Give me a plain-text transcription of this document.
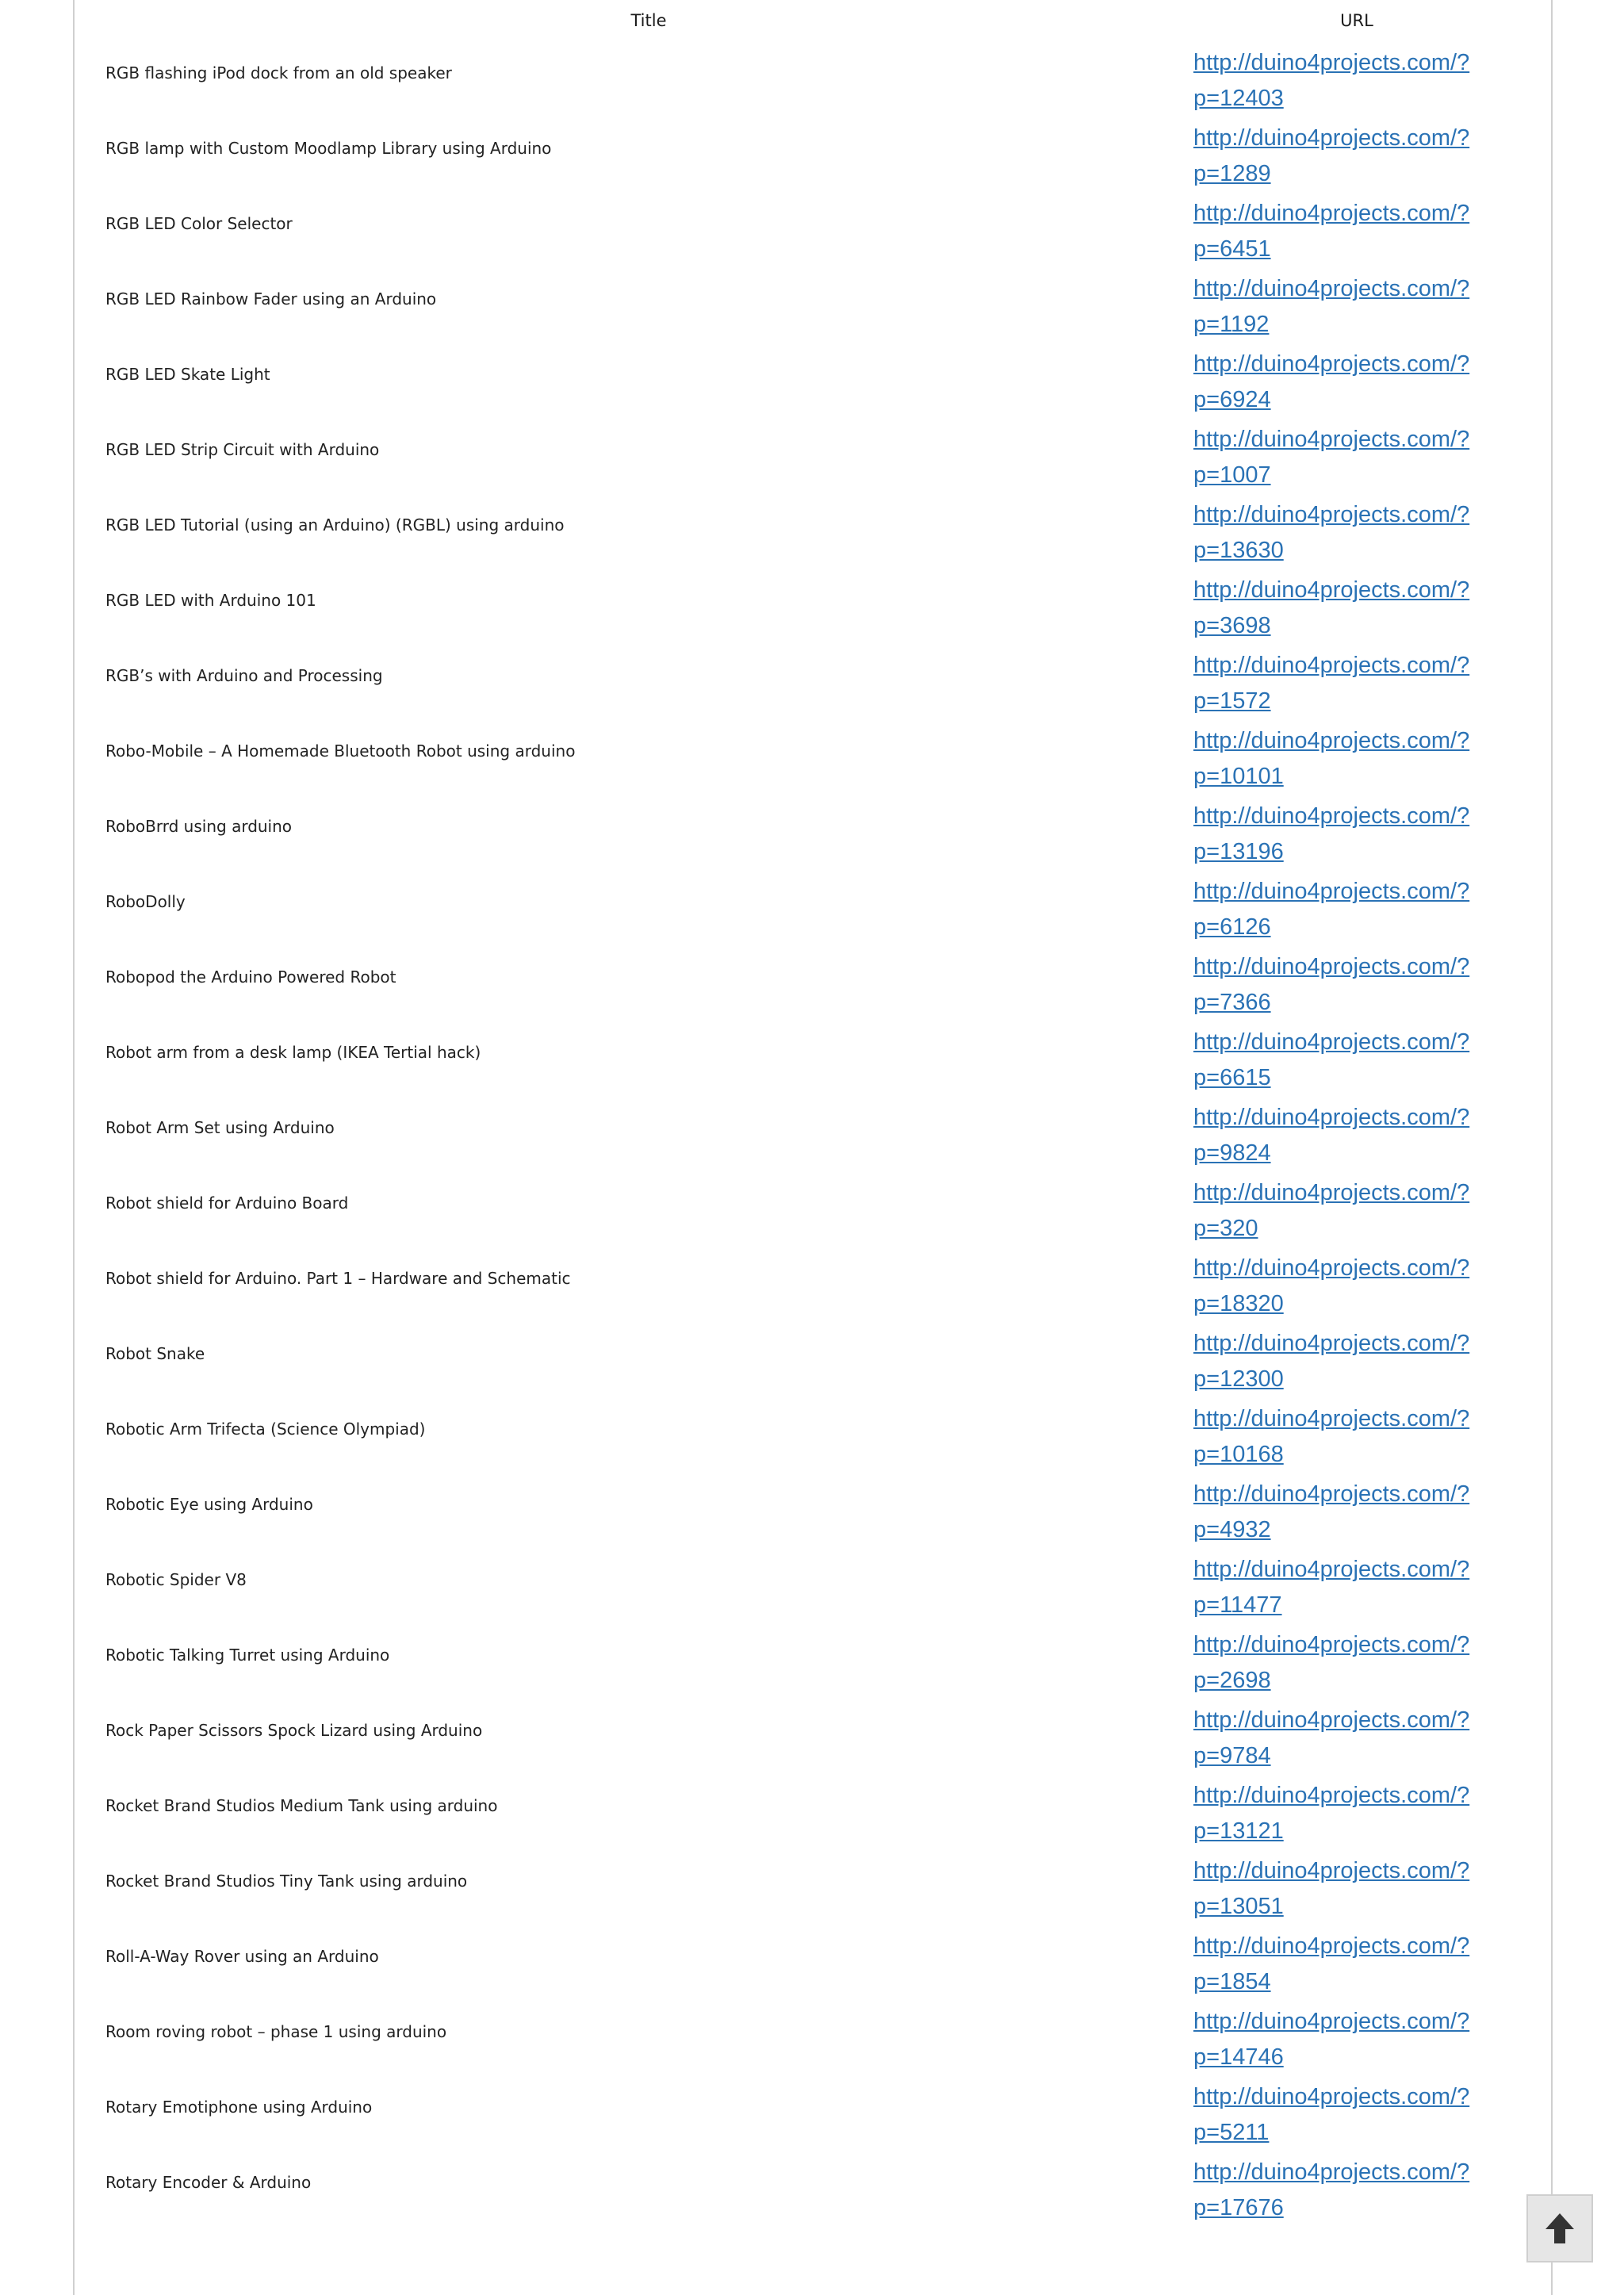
Title	URL
RGB flashing iPod dock from an old speaker	http://duino4projects.com/?p=12403
RGB lamp with Custom Moodlamp Library using Arduino	http://duino4projects.com/?p=1289
RGB LED Color Selector	http://duino4projects.com/?p=6451
RGB LED Rainbow Fader using an Arduino	http://duino4projects.com/?p=1192
RGB LED Skate Light	http://duino4projects.com/?p=6924
RGB LED Strip Circuit with Arduino	http://duino4projects.com/?p=1007
RGB LED Tutorial (using an Arduino) (RGBL) using arduino	http://duino4projects.com/?p=13630
RGB LED with Arduino 101	http://duino4projects.com/?p=3698
RGB’s with Arduino and Processing	http://duino4projects.com/?p=1572
Robo-Mobile – A Homemade Bluetooth Robot using arduino	http://duino4projects.com/?p=10101
RoboBrrd using arduino	http://duino4projects.com/?p=13196
RoboDolly	http://duino4projects.com/?p=6126
Robopod the Arduino Powered Robot	http://duino4projects.com/?p=7366
Robot arm from a desk lamp (IKEA Tertial hack)	http://duino4projects.com/?p=6615
Robot Arm Set using Arduino	http://duino4projects.com/?p=9824
Robot shield for Arduino Board	http://duino4projects.com/?p=320
Robot shield for Arduino. Part 1 – Hardware and Schematic	http://duino4projects.com/?p=18320
Robot Snake	http://duino4projects.com/?p=12300
Robotic Arm Trifecta (Science Olympiad)	http://duino4projects.com/?p=10168
Robotic Eye using Arduino	http://duino4projects.com/?p=4932
Robotic Spider V8	http://duino4projects.com/?p=11477
Robotic Talking Turret using Arduino	http://duino4projects.com/?p=2698
Rock Paper Scissors Spock Lizard using Arduino	http://duino4projects.com/?p=9784
Rocket Brand Studios Medium Tank using arduino	http://duino4projects.com/?p=13121
Rocket Brand Studios Tiny Tank using arduino	http://duino4projects.com/?p=13051
Roll-A-Way Rover using an Arduino	http://duino4projects.com/?p=1854
Room roving robot – phase 1 using arduino	http://duino4projects.com/?p=14746
Rotary Emotiphone using Arduino	http://duino4projects.com/?p=5211
Rotary Encoder & Arduino	http://duino4projects.com/?p=17676
